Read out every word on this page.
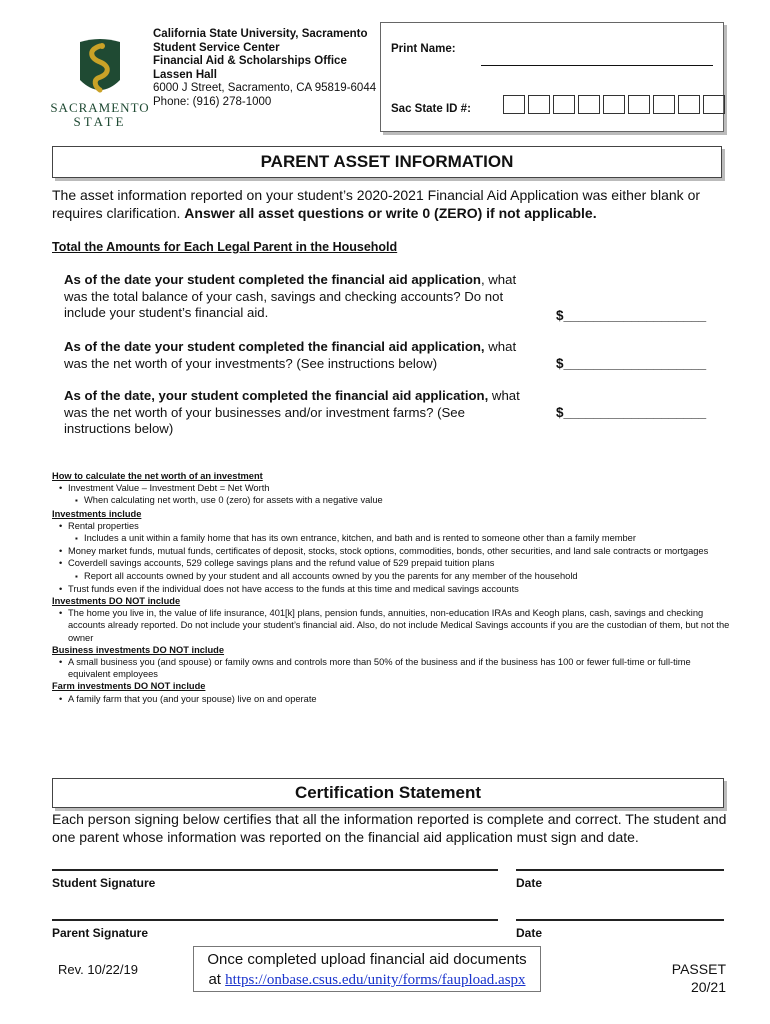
SACRAMENTO
STATE
California State University, Sacramento
Student Service Center
Financial Aid & Scholarships Office
Lassen Hall
6000 J Street, Sacramento, CA 95819-6044
Phone: (916) 278-1000
Print Name:
Sac State ID #:
PARENT ASSET INFORMATION
The asset information reported on your student’s 2020-2021 Financial Aid Application was either blank or requires clarification. Answer all asset questions or write 0 (ZERO) if not applicable.
Total the Amounts for Each Legal Parent in the Household
As of the date your student completed the financial aid application, what was the total balance of your cash, savings and checking accounts? Do not include your student’s financial aid.	$___________________
As of the date your student completed the financial aid application, what was the net worth of your investments? (See instructions below)	$___________________
As of the date, your student completed the financial aid application, what was the net worth of your businesses and/or investment farms? (See instructions below)
$___________________
How to calculate the net worth of an investment
• Investment Value – Investment Debt = Net Worth
▪ When calculating net worth, use 0 (zero) for assets with a negative value
Investments include
• Rental properties
▪ Includes a unit within a family home that has its own entrance, kitchen, and bath and is rented to someone other than a family member
• Money market funds, mutual funds, certificates of deposit, stocks, stock options, commodities, bonds, other securities, and land sale contracts or mortgages
• Coverdell savings accounts, 529 college savings plans and the refund value of 529 prepaid tuition plans
▪ Report all accounts owned by your student and all accounts owned by you the parents for any member of the household
• Trust funds even if the individual does not have access to the funds at this time and medical savings accounts
Investments DO NOT include
• The home you live in, the value of life insurance, 401[k] plans, pension funds, annuities, non-education IRAs and Keogh plans, cash, savings and checking accounts already reported. Do not include your student’s financial aid. Also, do not include Medical Savings accounts if you are the custodian of them, but not the owner
Business investments DO NOT include
• A small business you (and spouse) or family owns and controls more than 50% of the business and if the business has 100 or fewer full-time or full-time equivalent employees
Farm investments DO NOT include
• A family farm that you (and your spouse) live on and operate
Certification Statement
Each person signing below certifies that all the information reported is complete and correct. The student and one parent whose information was reported on the financial aid application must sign and date.
Student Signature	Date
Parent Signature	Date
Rev. 10/22/19
Once completed upload financial aid documents
at https://onbase.csus.edu/unity/forms/faupload.aspx
PASSET
20/21
